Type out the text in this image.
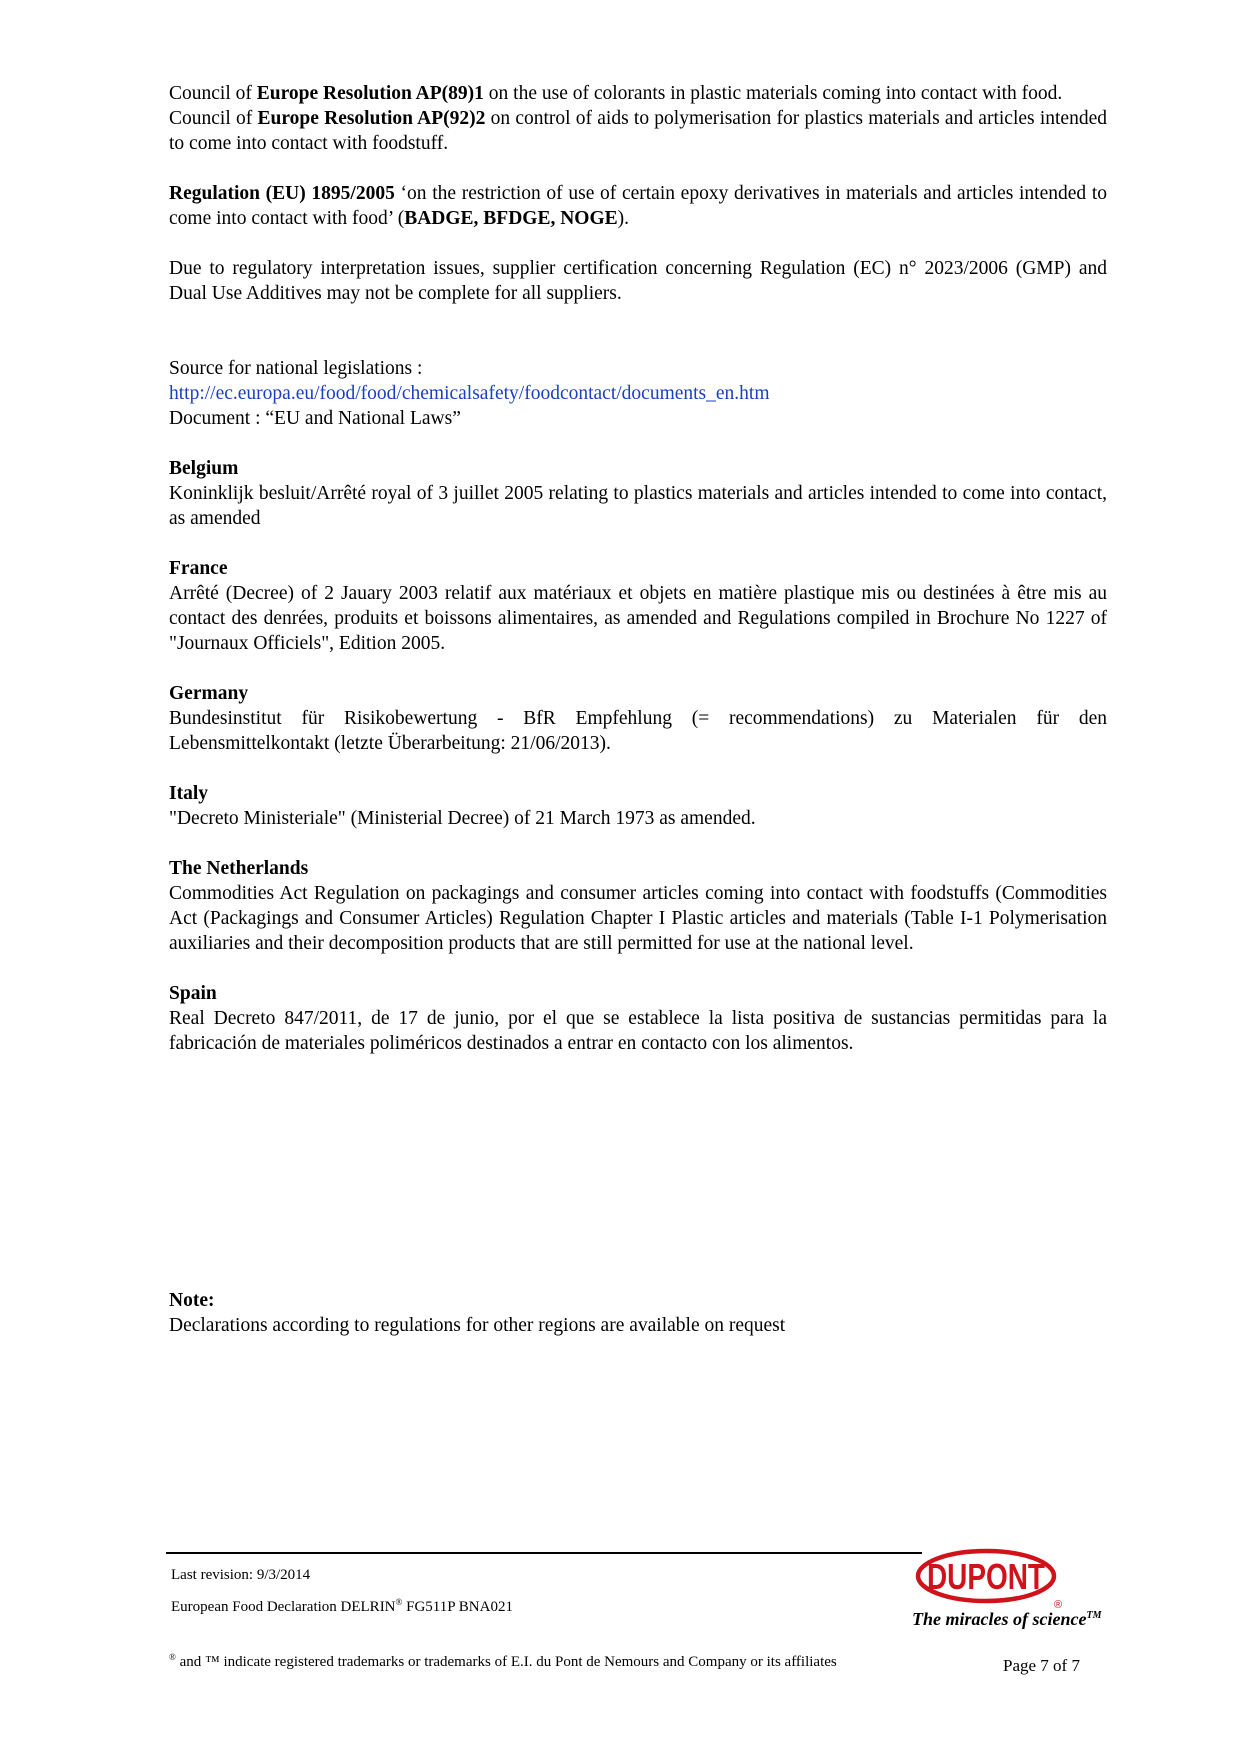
Council of Europe Resolution AP(89)1 on the use of colorants in plastic materials coming into contact with food.

Council of Europe Resolution AP(92)2 on control of aids to polymerisation for plastics materials and articles intended to come into contact with foodstuff.

Regulation (EU) 1895/2005 ‘on the restriction of use of certain epoxy derivatives in materials and articles intended to come into contact with food’ (BADGE, BFDGE, NOGE).

Due to regulatory interpretation issues, supplier certification concerning Regulation (EC) n° 2023/2006 (GMP) and Dual Use Additives may not be complete for all suppliers.

Source for national legislations :

http://ec.europa.eu/food/food/chemicalsafety/foodcontact/documents_en.htm

Document : “EU and National Laws”

Belgium

Koninklijk besluit/Arrêté royal of 3 juillet 2005 relating to plastics materials and articles intended to come into contact, as amended

France

Arrêté (Decree) of 2 Jauary 2003 relatif aux matériaux et objets en matière plastique mis ou destinées à être mis au contact des denrées, produits et boissons alimentaires, as amended and Regulations compiled in Brochure No 1227 of "Journaux Officiels", Edition 2005.

Germany

Bundesinstitut für Risikobewertung - BfR Empfehlung (= recommendations) zu Materialen für den Lebensmittelkontakt (letzte Überarbeitung: 21/06/2013).

Italy

"Decreto Ministeriale" (Ministerial Decree) of 21 March 1973 as amended.

The Netherlands

Commodities Act Regulation on packagings and consumer articles coming into contact with foodstuffs (Commodities Act (Packagings and Consumer Articles) Regulation Chapter I Plastic articles and materials (Table I-1 Polymerisation auxiliaries and their decomposition products that are still permitted for use at the national level.

Spain

Real Decreto 847/2011, de 17 de junio, por el que se establece la lista positiva de sustancias permitidas para la fabricación de materiales poliméricos destinados a entrar en contacto con los alimentos.

Note:

Declarations according to regulations for other regions are available on request

Last revision: 9/3/2014
European Food Declaration DELRIN® FG511P BNA021
® and ™ indicate registered trademarks or trademarks of E.I. du Pont de Nemours and Company or its affiliates	Page 7 of 7
DUPONT
®
The miracles of science™
